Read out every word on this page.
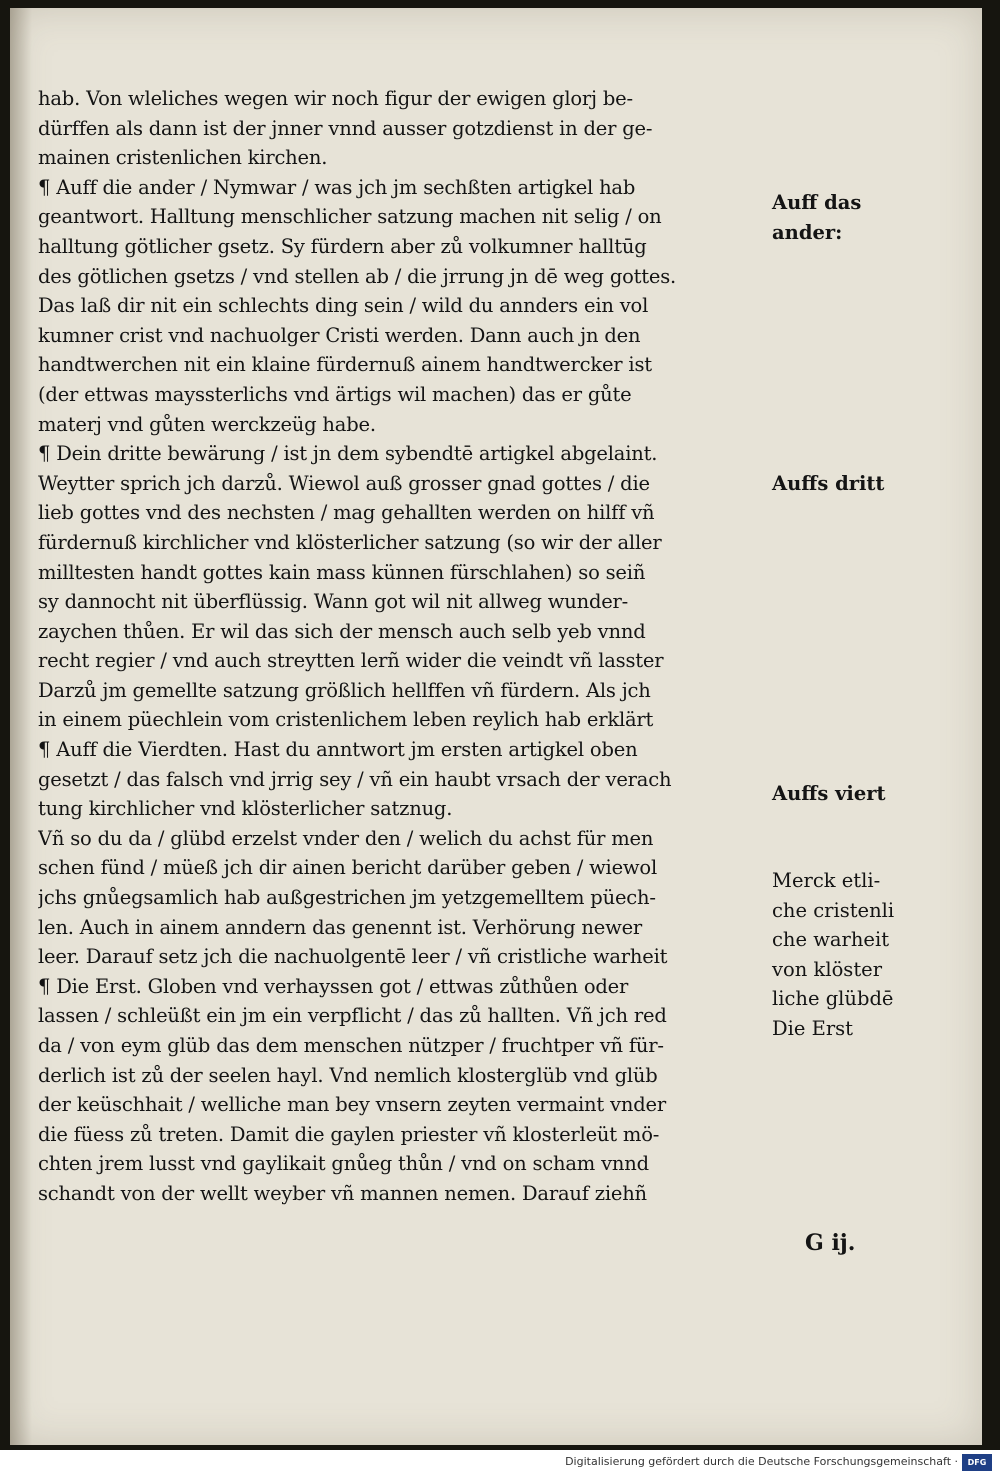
hab. Von wleliches wegen wir noch figur der ewigen glorj be-
dürffen als dann ist der jnner vnnd ausser gotzdienst in der ge-
mainen cristenlichen kirchen.
¶ Auff die ander / Nymwar / was jch jm sechßten artigkel hab
geantwort. Halltung menschlicher satzung machen nit selig / on
halltung götlicher gsetz. Sy fürdern aber zů volkumner halltūg
des götlichen gsetzs / vnd stellen ab / die jrrung jn dē weg gottes.
Das laß dir nit ein schlechts ding sein / wild du annders ein vol
kumner crist vnd nachuolger Cristi werden. Dann auch jn den
handtwerchen nit ein klaine fürdernuß ainem handtwercker ist
(der ettwas mayssterlichs vnd ärtigs wil machen) das er gůte
materj vnd gůten werckzeüg habe.
¶ Dein dritte bewärung / ist jn dem sybendtē artigkel abgelaint.
Weytter sprich jch darzů. Wiewol auß grosser gnad gottes / die
lieb gottes vnd des nechsten / mag gehallten werden on hilff vñ
fürdernuß kirchlicher vnd klösterlicher satzung (so wir der aller
milltesten handt gottes kain mass künnen fürschlahen) so seiñ
sy dannocht nit überflüssig. Wann got wil nit allweg wunder-
zaychen thůen. Er wil das sich der mensch auch selb yeb vnnd
recht regier / vnd auch streytten lerñ wider die veindt vñ lasster
Darzů jm gemellte satzung größlich hellffen vñ fürdern. Als jch
in einem püechlein vom cristenlichem leben reylich hab erklärt
¶ Auff die Vierdten. Hast du anntwort jm ersten artigkel oben
gesetzt / das falsch vnd jrrig sey / vñ ein haubt vrsach der verach
tung kirchlicher vnd klösterlicher satznug.
Vñ so du da / glübd erzelst vnder den / welich du achst für men
schen fünd / müeß jch dir ainen bericht darüber geben / wiewol
jchs gnůegsamlich hab außgestrichen jm yetzgemelltem püech-
len. Auch in ainem anndern das genennt ist. Verhörung newer
leer. Darauf setz jch die nachuolgentē leer / vñ cristliche warheit
¶ Die Erst. Globen vnd verhayssen got / ettwas zůthůen oder
lassen / schleüßt ein jm ein verpflicht / das zů hallten. Vñ jch red
da / von eym glüb das dem menschen nützper / fruchtper vñ für-
derlich ist zů der seelen hayl. Vnd nemlich klosterglüb vnd glüb
der keüschhait / welliche man bey vnsern zeyten vermaint vnder
die füess zů treten. Damit die gaylen priester vñ klosterleüt mö-
chten jrem lusst vnd gaylikait gnůeg thůn / vnd on scham vnnd
schandt von der wellt weyber vñ mannen nemen. Darauf ziehñ
Auff das
ander:
Auffs dritt
Auffs viert
Merck etli-
che cristenli
che warheit
von klöster
liche glübdē
Die Erst
G ij.
Digitalisierung gefördert durch die Deutsche Forschungsgemeinschaft ·	DFG
